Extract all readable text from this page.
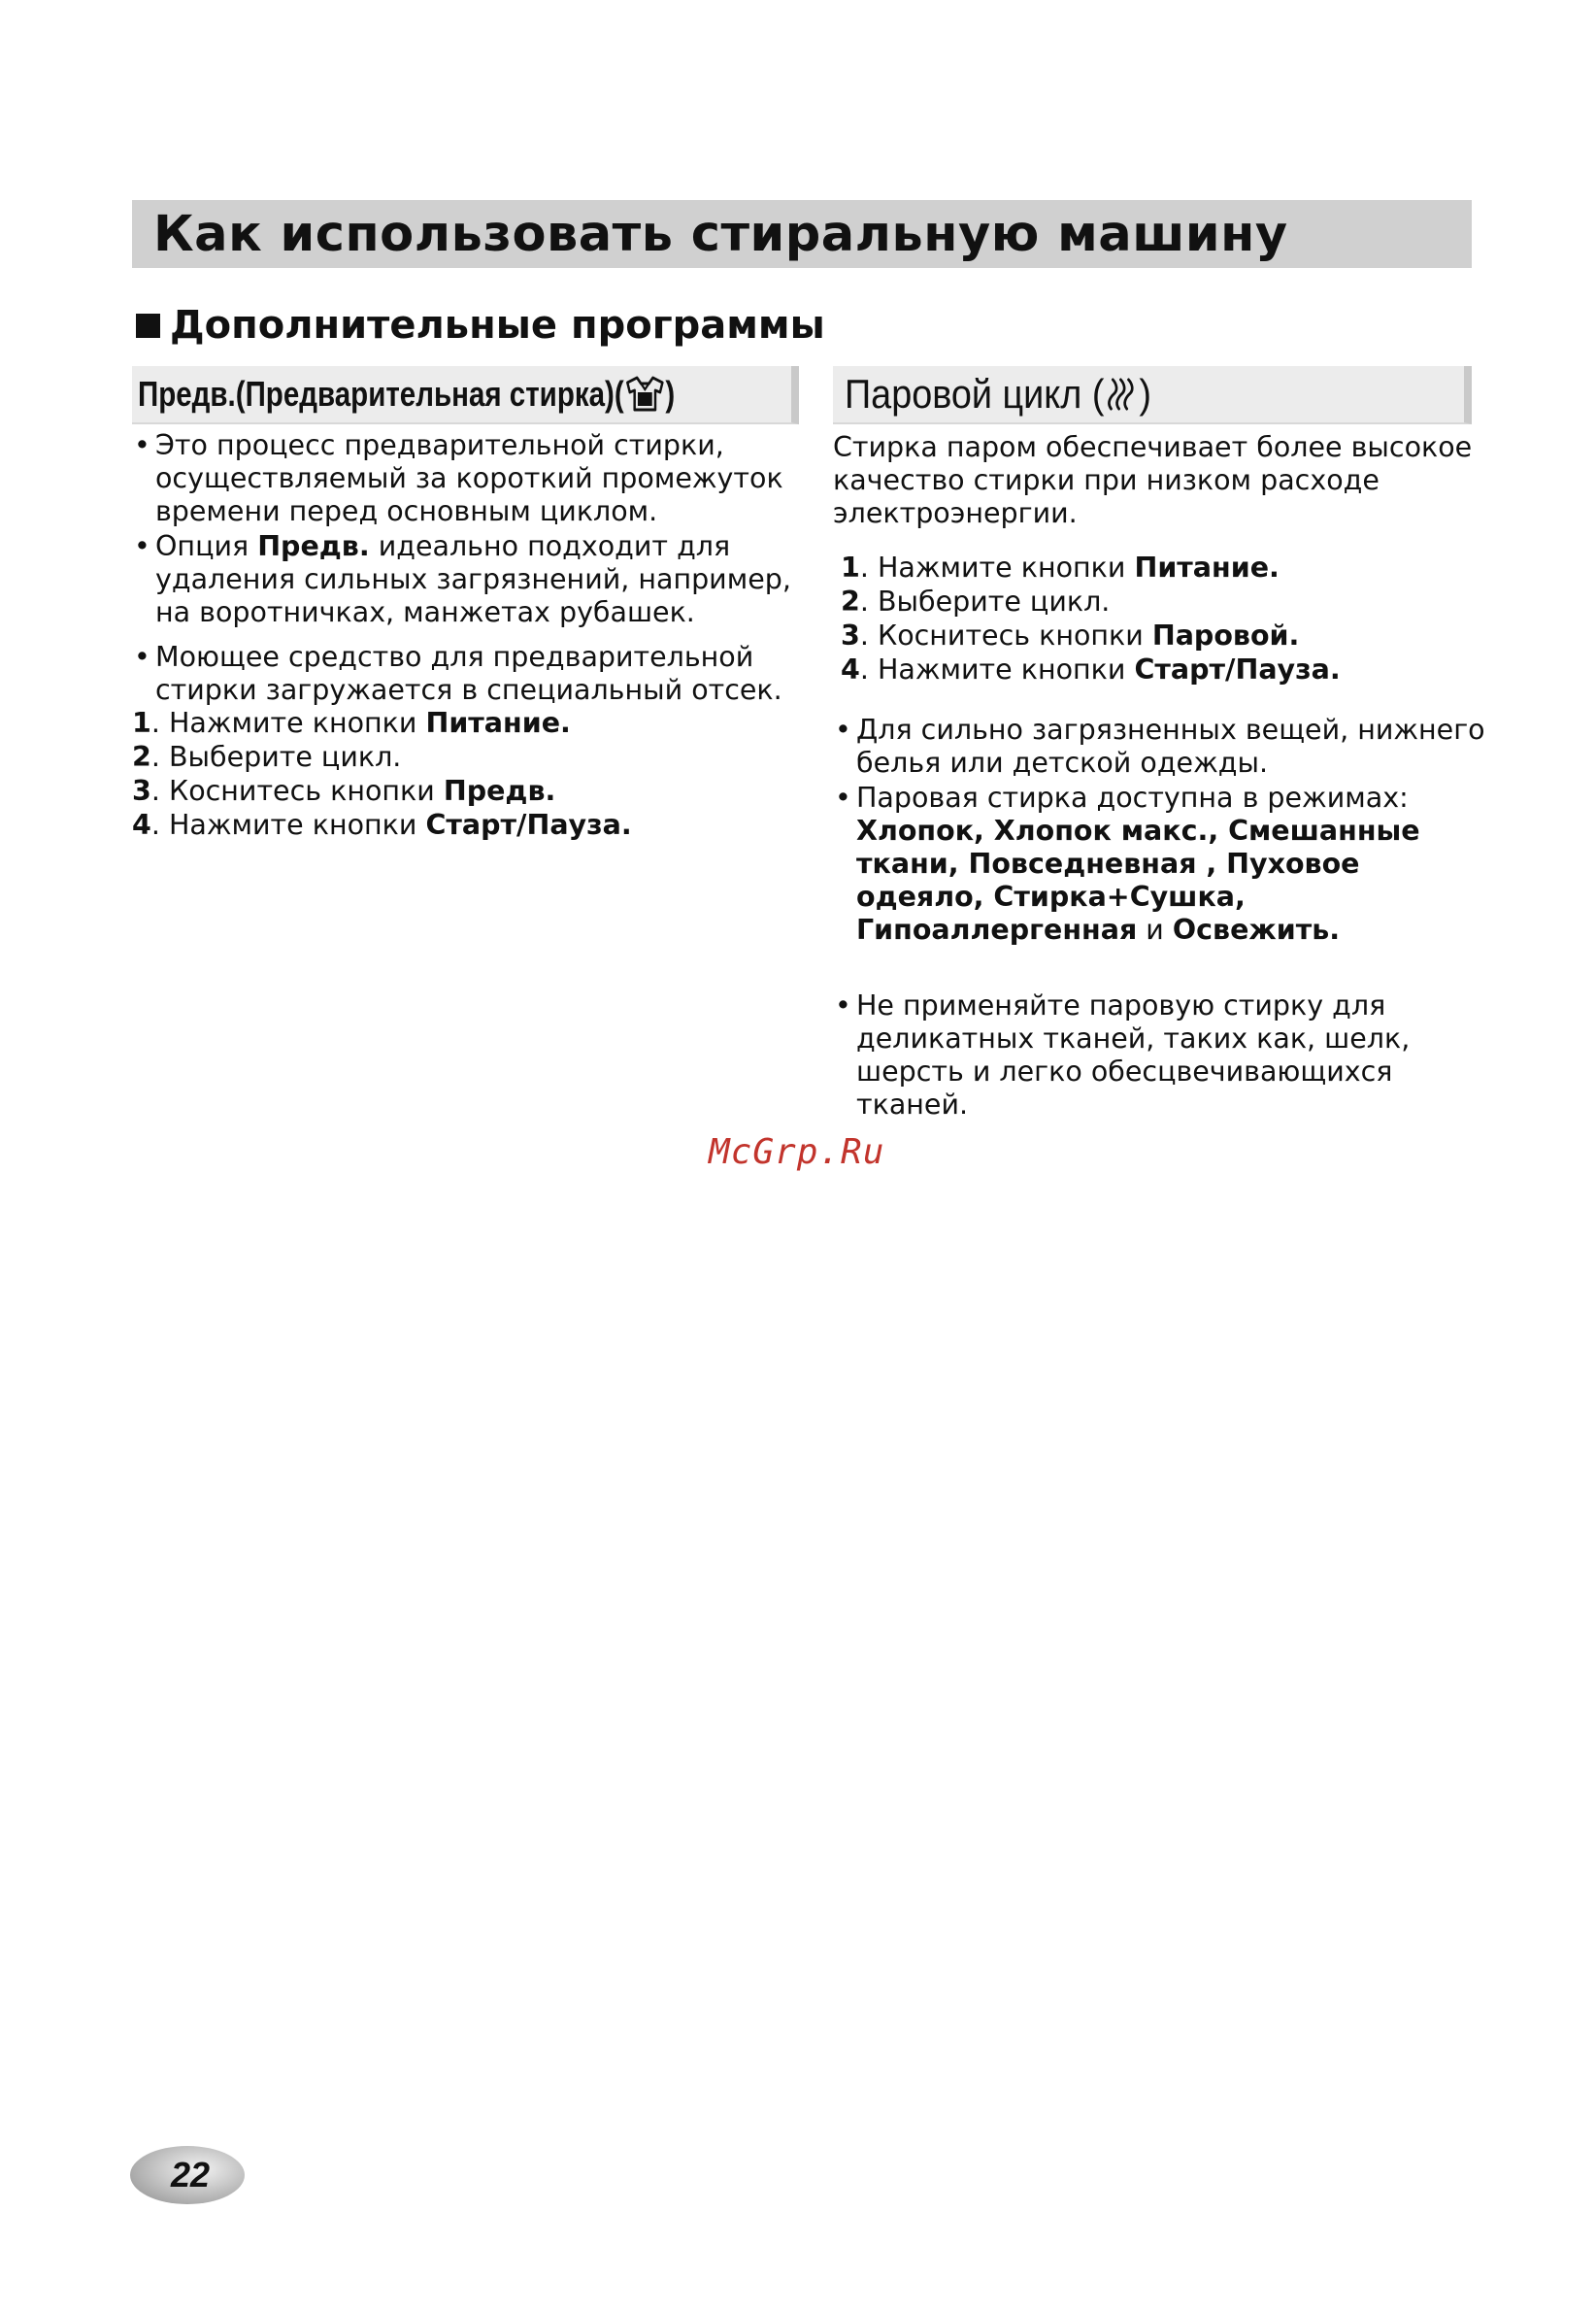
Как использовать стиральную машину
Дополнительные программы
Предв.(Предварительная стирка) ( )	Паровой цикл ( )
• Это процесс предварительной стирки, осуществляемый за короткий промежуток времени перед основным циклом.
• Опция Предв. идеально подходит для удаления сильных загрязнений, например, на воротничках, манжетах рубашек.
• Моющее средство для предварительной стирки загружается в специальный отсек.
1. Нажмите кнопки Питание.
2. Выберите цикл.
3. Коснитесь кнопки Предв.
4. Нажмите кнопки Старт/Пауза.
Стирка паром обеспечивает более высокое качество стирки при низком расходе электроэнергии.
1. Нажмите кнопки Питание.
2. Выберите цикл.
3. Коснитесь кнопки Паровой.
4. Нажмите кнопки Старт/Пауза.
• Для сильно загрязненных вещей, нижнего белья или детской одежды.
• Паровая стирка доступна в режимах: Хлопок, Хлопок макс., Смешанные ткани, Повседневная , Пуховое одеяло, Стирка+Сушка, Гипоаллергенная и Освежить.
• Не применяйте паровую стирку для деликатных тканей, таких как, шелк, шерсть и легко обесцвечивающихся тканей.
McGrp.Ru
22
